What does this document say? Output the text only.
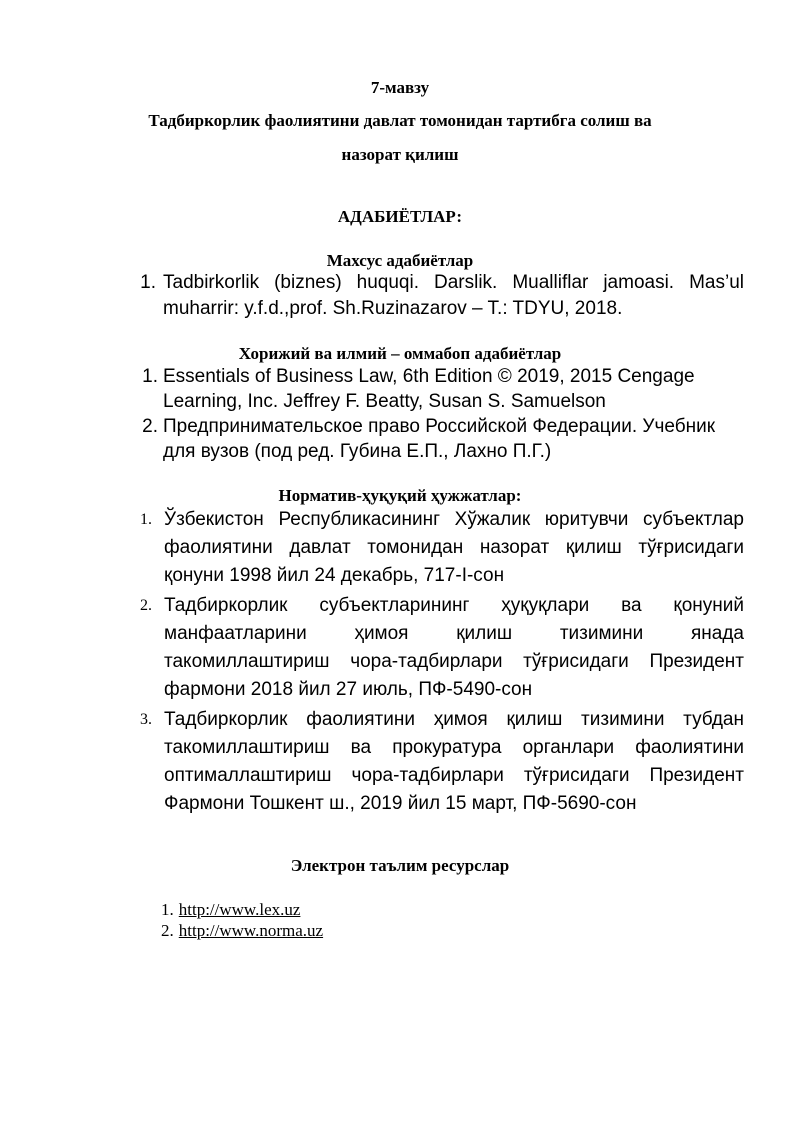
7-мавзу
Тадбиркорлик фаолиятини давлат томонидан тартибга солиш ва
назорат қилиш
АДАБИЁТЛАР:
Махсус адабиётлар
1. Tadbirkorlik (biznes) huquqi. Darslik. Mualliflar jamoasi. Mas’ul muharrir: y.f.d.,prof. Sh.Ruzinazarov – T.: TDYU, 2018.
Хорижий ва илмий – оммабоп адабиётлар
1. Essentials of Business Law, 6th Edition © 2019, 2015 Cengage Learning, Inc. Jeffrey F. Beatty, Susan S. Samuelson
2. Предпринимательское право Российской Федерации. Учебник для вузов (под ред. Губина Е.П., Лахно П.Г.)
Норматив-ҳуқуқий ҳужжатлар:
1. Ўзбекистон Республикасининг Хўжалик юритувчи субъектлар фаолиятини давлат томонидан назорат қилиш тўғрисидаги қонуни 1998 йил 24 декабрь, 717-I-сон
2. Тадбиркорлик субъектларининг ҳуқуқлари ва қонуний манфаатларини ҳимоя қилиш тизимини янада такомиллаштириш чора-тадбирлари тўғрисидаги Президент фармони 2018 йил 27 июль, ПФ-5490-сон
3. Тадбиркорлик фаолиятини ҳимоя қилиш тизимини тубдан такомиллаштириш ва прокуратура органлари фаолиятини оптималлаштириш чора-тадбирлари тўғрисидаги Президент Фармони Тошкент ш., 2019 йил 15 март, ПФ-5690-сон
Электрон таълим ресурслар
1. http://www.lex.uz
2. http://www.norma.uz
